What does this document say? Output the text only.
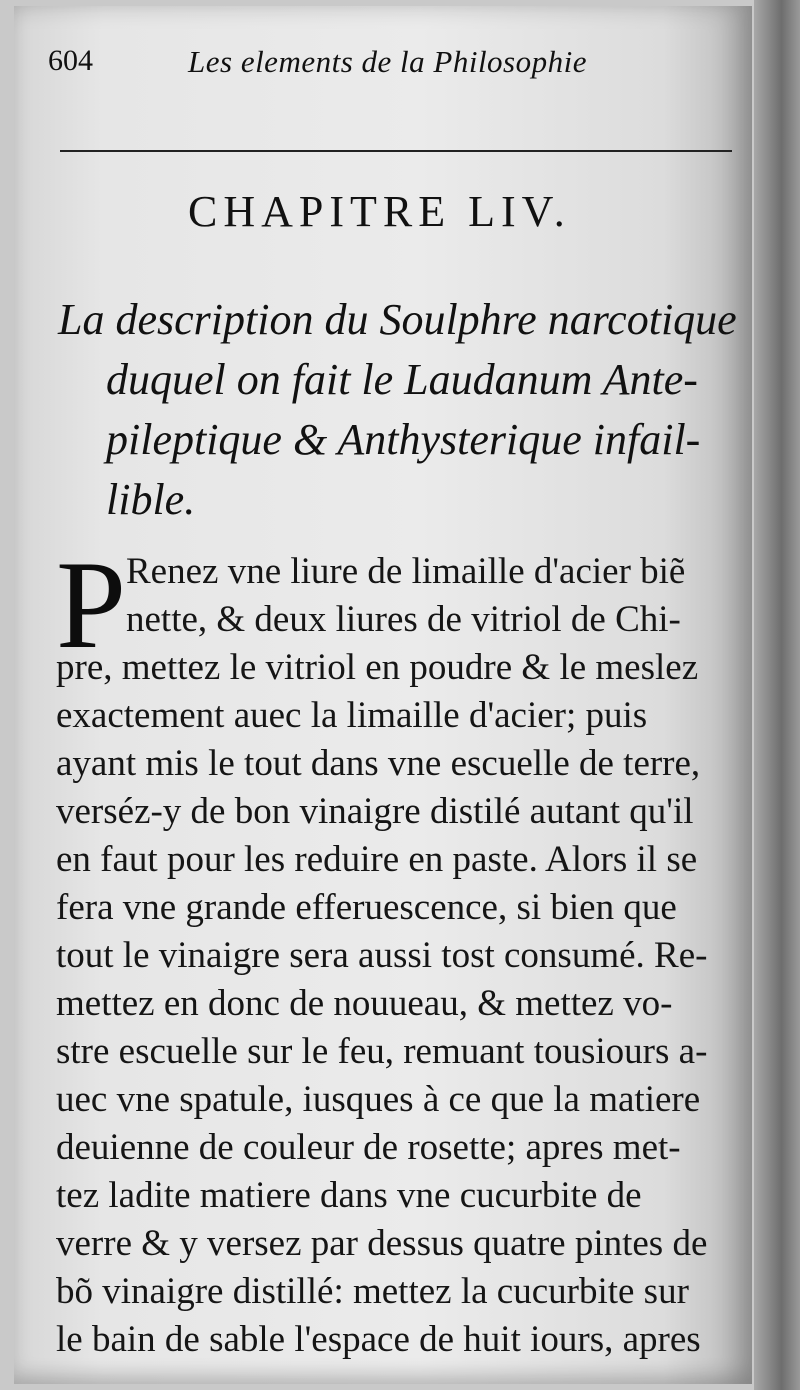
604	Les elements de la Philosophie
CHAPITRE LIV.
La description du Soulphre narcotique
duquel on fait le Laudanum Ante-
pileptique & Anthysterique infail-
lible.
P Renez vne liure de limaille d'acier biẽ
nette, & deux liures de vitriol de Chi-
pre, mettez le vitriol en poudre & le meslez
exactement auec la limaille d'acier; puis
ayant mis le tout dans vne escuelle de terre,
verséz-y de bon vinaigre distilé autant qu'il
en faut pour les reduire en paste. Alors il se
fera vne grande efferuescence, si bien que
tout le vinaigre sera aussi tost consumé. Re-
mettez en donc de nouueau, & mettez vo-
stre escuelle sur le feu, remuant tousiours a-
uec vne spatule, iusques à ce que la matiere
deuienne de couleur de rosette; apres met-
tez ladite matiere dans vne cucurbite de
verre & y versez par dessus quatre pintes de
bõ vinaigre distillé: mettez la cucurbite sur
le bain de sable l'espace de huit iours, apres
